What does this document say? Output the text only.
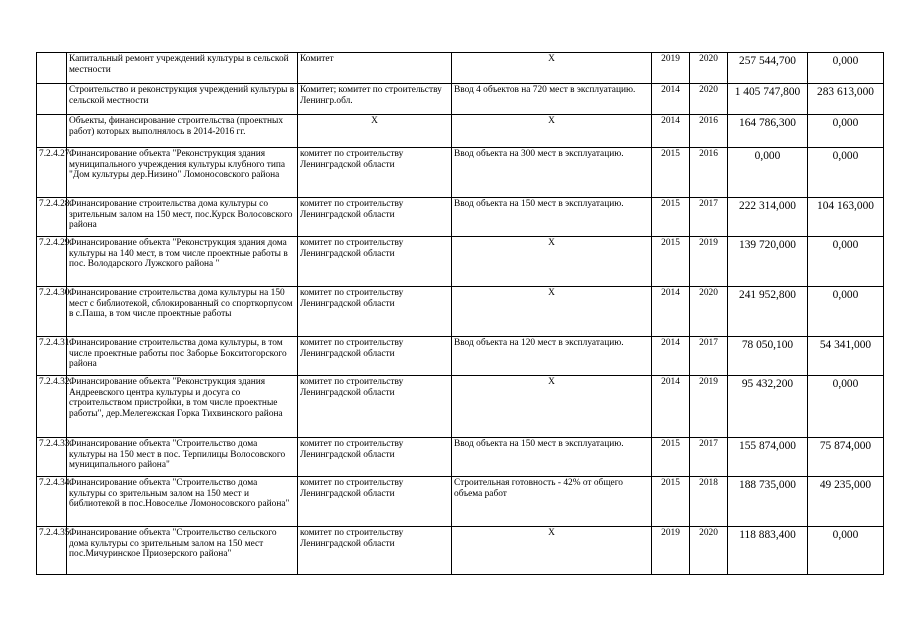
	Капитальный ремонт учреждений культуры в сельской местности	Комитет	X	2019	2020	257 544,700	0,000
	Строительство и реконструкция учреждений культуры в сельской местности	Комитет; комитет по строительству Ленингр.обл.	Ввод 4 объектов на 720 мест в эксплуатацию.	2014	2020	1 405 747,800	283 613,000
	Объекты, финансирование строительства (проектных работ) которых выполнялось в 2014-2016 гг.	X	X	2014	2016	164 786,300	0,000
7.2.4.27.	Финансирование объекта "Реконструкция здания муниципального учреждения культуры клубного типа "Дом культуры дер.Низино" Ломоносовского района	комитет по строительству Ленинградской области	Ввод объекта на 300 мест в эксплуатацию.	2015	2016	0,000	0,000
7.2.4.28.	Финансирование строительства дома культуры со зрительным залом на 150 мест, пос.Курск Волосовского района	комитет по строительству Ленинградской области	Ввод объекта на 150 мест в эксплуатацию.	2015	2017	222 314,000	104 163,000
7.2.4.29.	Финансирование объекта "Реконструкция здания дома культуры на 140 мест, в том числе проектные работы в пос. Володарского Лужского района "	комитет по строительству Ленинградской области	X	2015	2019	139 720,000	0,000
7.2.4.30.	Финансирование строительства дома культуры на 150 мест с библиотекой, сблокированный со спорткорпусом в с.Паша, в том числе проектные работы	комитет по строительству Ленинградской области	X	2014	2020	241 952,800	0,000
7.2.4.31.	Финансирование строительства дома культуры, в том числе проектные работы пос Заборье Бокситогорского района	комитет по строительству Ленинградской области	Ввод объекта на 120 мест в эксплуатацию.	2014	2017	78 050,100	54 341,000
7.2.4.32.	Финансирование объекта "Реконструкция здания Андреевского центра культуры и досуга со строительством пристройки, в том числе проектные работы", дер.Мелегежская Горка Тихвинского района	комитет по строительству Ленинградской области	X	2014	2019	95 432,200	0,000
7.2.4.33.	Финансирование объекта "Строительство дома культуры на 150 мест в пос. Терпилицы Волосовского муниципального района"	комитет по строительству Ленинградской области	Ввод объекта на 150 мест в эксплуатацию.	2015	2017	155 874,000	75 874,000
7.2.4.34.	Финансирование объекта "Строительство дома культуры со зрительным залом на 150 мест и библиотекой в пос.Новоселье Ломоносовского района"	комитет по строительству Ленинградской области	Строительная готовность - 42% от общего объема работ	2015	2018	188 735,000	49 235,000
7.2.4.35.	Финансирование объекта "Строительство сельского дома культуры со зрительным залом на 150 мест пос.Мичуринское Приозерского района"	комитет по строительству Ленинградской области	X	2019	2020	118 883,400	0,000
